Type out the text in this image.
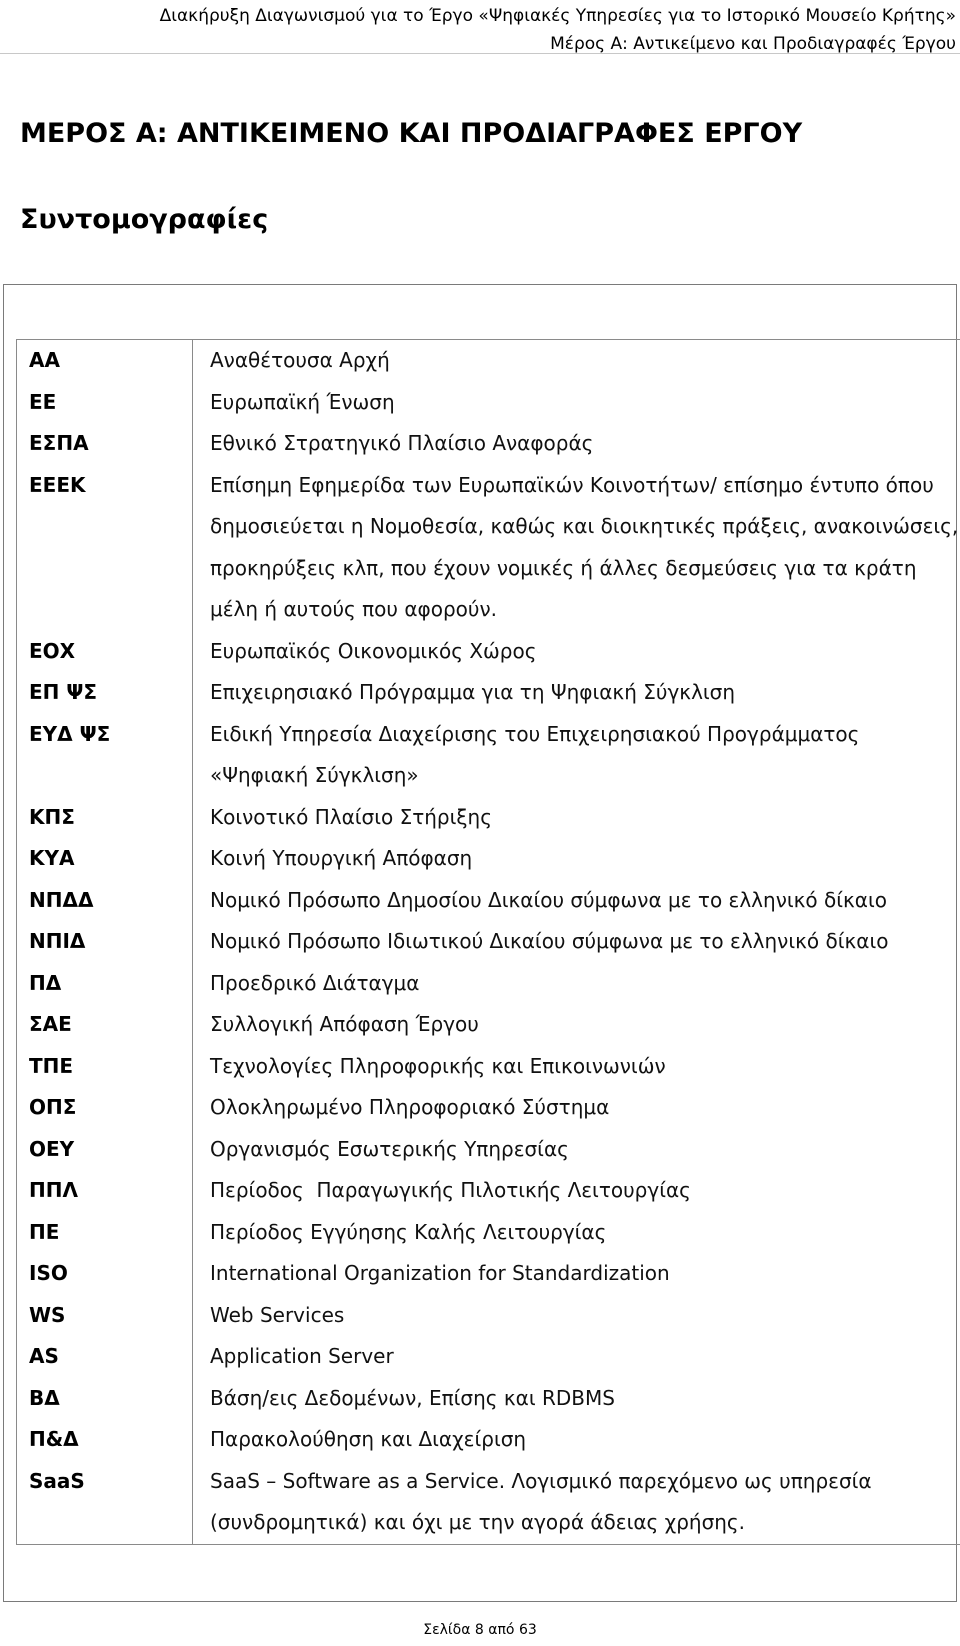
Διακήρυξη Διαγωνισμού για το Έργο «Ψηφιακές Υπηρεσίες για το Ιστορικό Μουσείο Κρήτης»
Μέρος Α: Αντικείμενο και Προδιαγραφές Έργου
ΜΕΡΟΣ Α: ΑΝΤΙΚΕΙΜΕΝΟ ΚΑΙ ΠΡΟΔΙΑΓΡΑΦΕΣ ΕΡΓΟΥ
Συντομογραφίες
ΑΑ	Αναθέτουσα Αρχή
ΕΕ	Ευρωπαϊκή Ένωση
ΕΣΠΑ	Εθνικό Στρατηγικό Πλαίσιο Αναφοράς
ΕΕΕΚ	Επίσημη Εφημερίδα των Ευρωπαϊκών Κοινοτήτων/ επίσημο έντυπο όπου δημοσιεύεται η Νομοθεσία, καθώς και διοικητικές πράξεις, ανακοινώσεις, προκηρύξεις κλπ, που έχουν νομικές ή άλλες δεσμεύσεις για τα κράτη μέλη ή αυτούς που αφορούν.
ΕΟΧ	Ευρωπαϊκός Οικονομικός Χώρος
ΕΠ ΨΣ	Επιχειρησιακό Πρόγραμμα για τη Ψηφιακή Σύγκλιση
ΕΥΔ ΨΣ	Ειδική Υπηρεσία Διαχείρισης του Επιχειρησιακού Προγράμματος «Ψηφιακή Σύγκλιση»
ΚΠΣ	Κοινοτικό Πλαίσιο Στήριξης
ΚΥΑ	Κοινή Υπουργική Απόφαση
ΝΠΔΔ	Νομικό Πρόσωπο Δημοσίου Δικαίου σύμφωνα με το ελληνικό δίκαιο
ΝΠΙΔ	Νομικό Πρόσωπο Ιδιωτικού Δικαίου σύμφωνα με το ελληνικό δίκαιο
ΠΔ	Προεδρικό Διάταγμα
ΣΑΕ	Συλλογική Απόφαση Έργου
ΤΠΕ	Τεχνολογίες Πληροφορικής και Επικοινωνιών
ΟΠΣ	Ολοκληρωμένο Πληροφοριακό Σύστημα
ΟΕΥ	Οργανισμός Εσωτερικής Υπηρεσίας
ΠΠΛ	Περίοδος  Παραγωγικής Πιλοτικής Λειτουργίας
ΠΕ	Περίοδος Εγγύησης Καλής Λειτουργίας
ISO	International Organization for Standardization
WS	Web Services
AS	Application Server
ΒΔ	Βάση/εις Δεδομένων, Επίσης και RDBMS
Π&Δ	Παρακολούθηση και Διαχείριση
SaaS	SaaS – Software as a Service. Λογισμικό παρεχόμενο ως υπηρεσία (συνδρομητικά) και όχι με την αγορά άδειας χρήσης.
Σελίδα 8 από 63
